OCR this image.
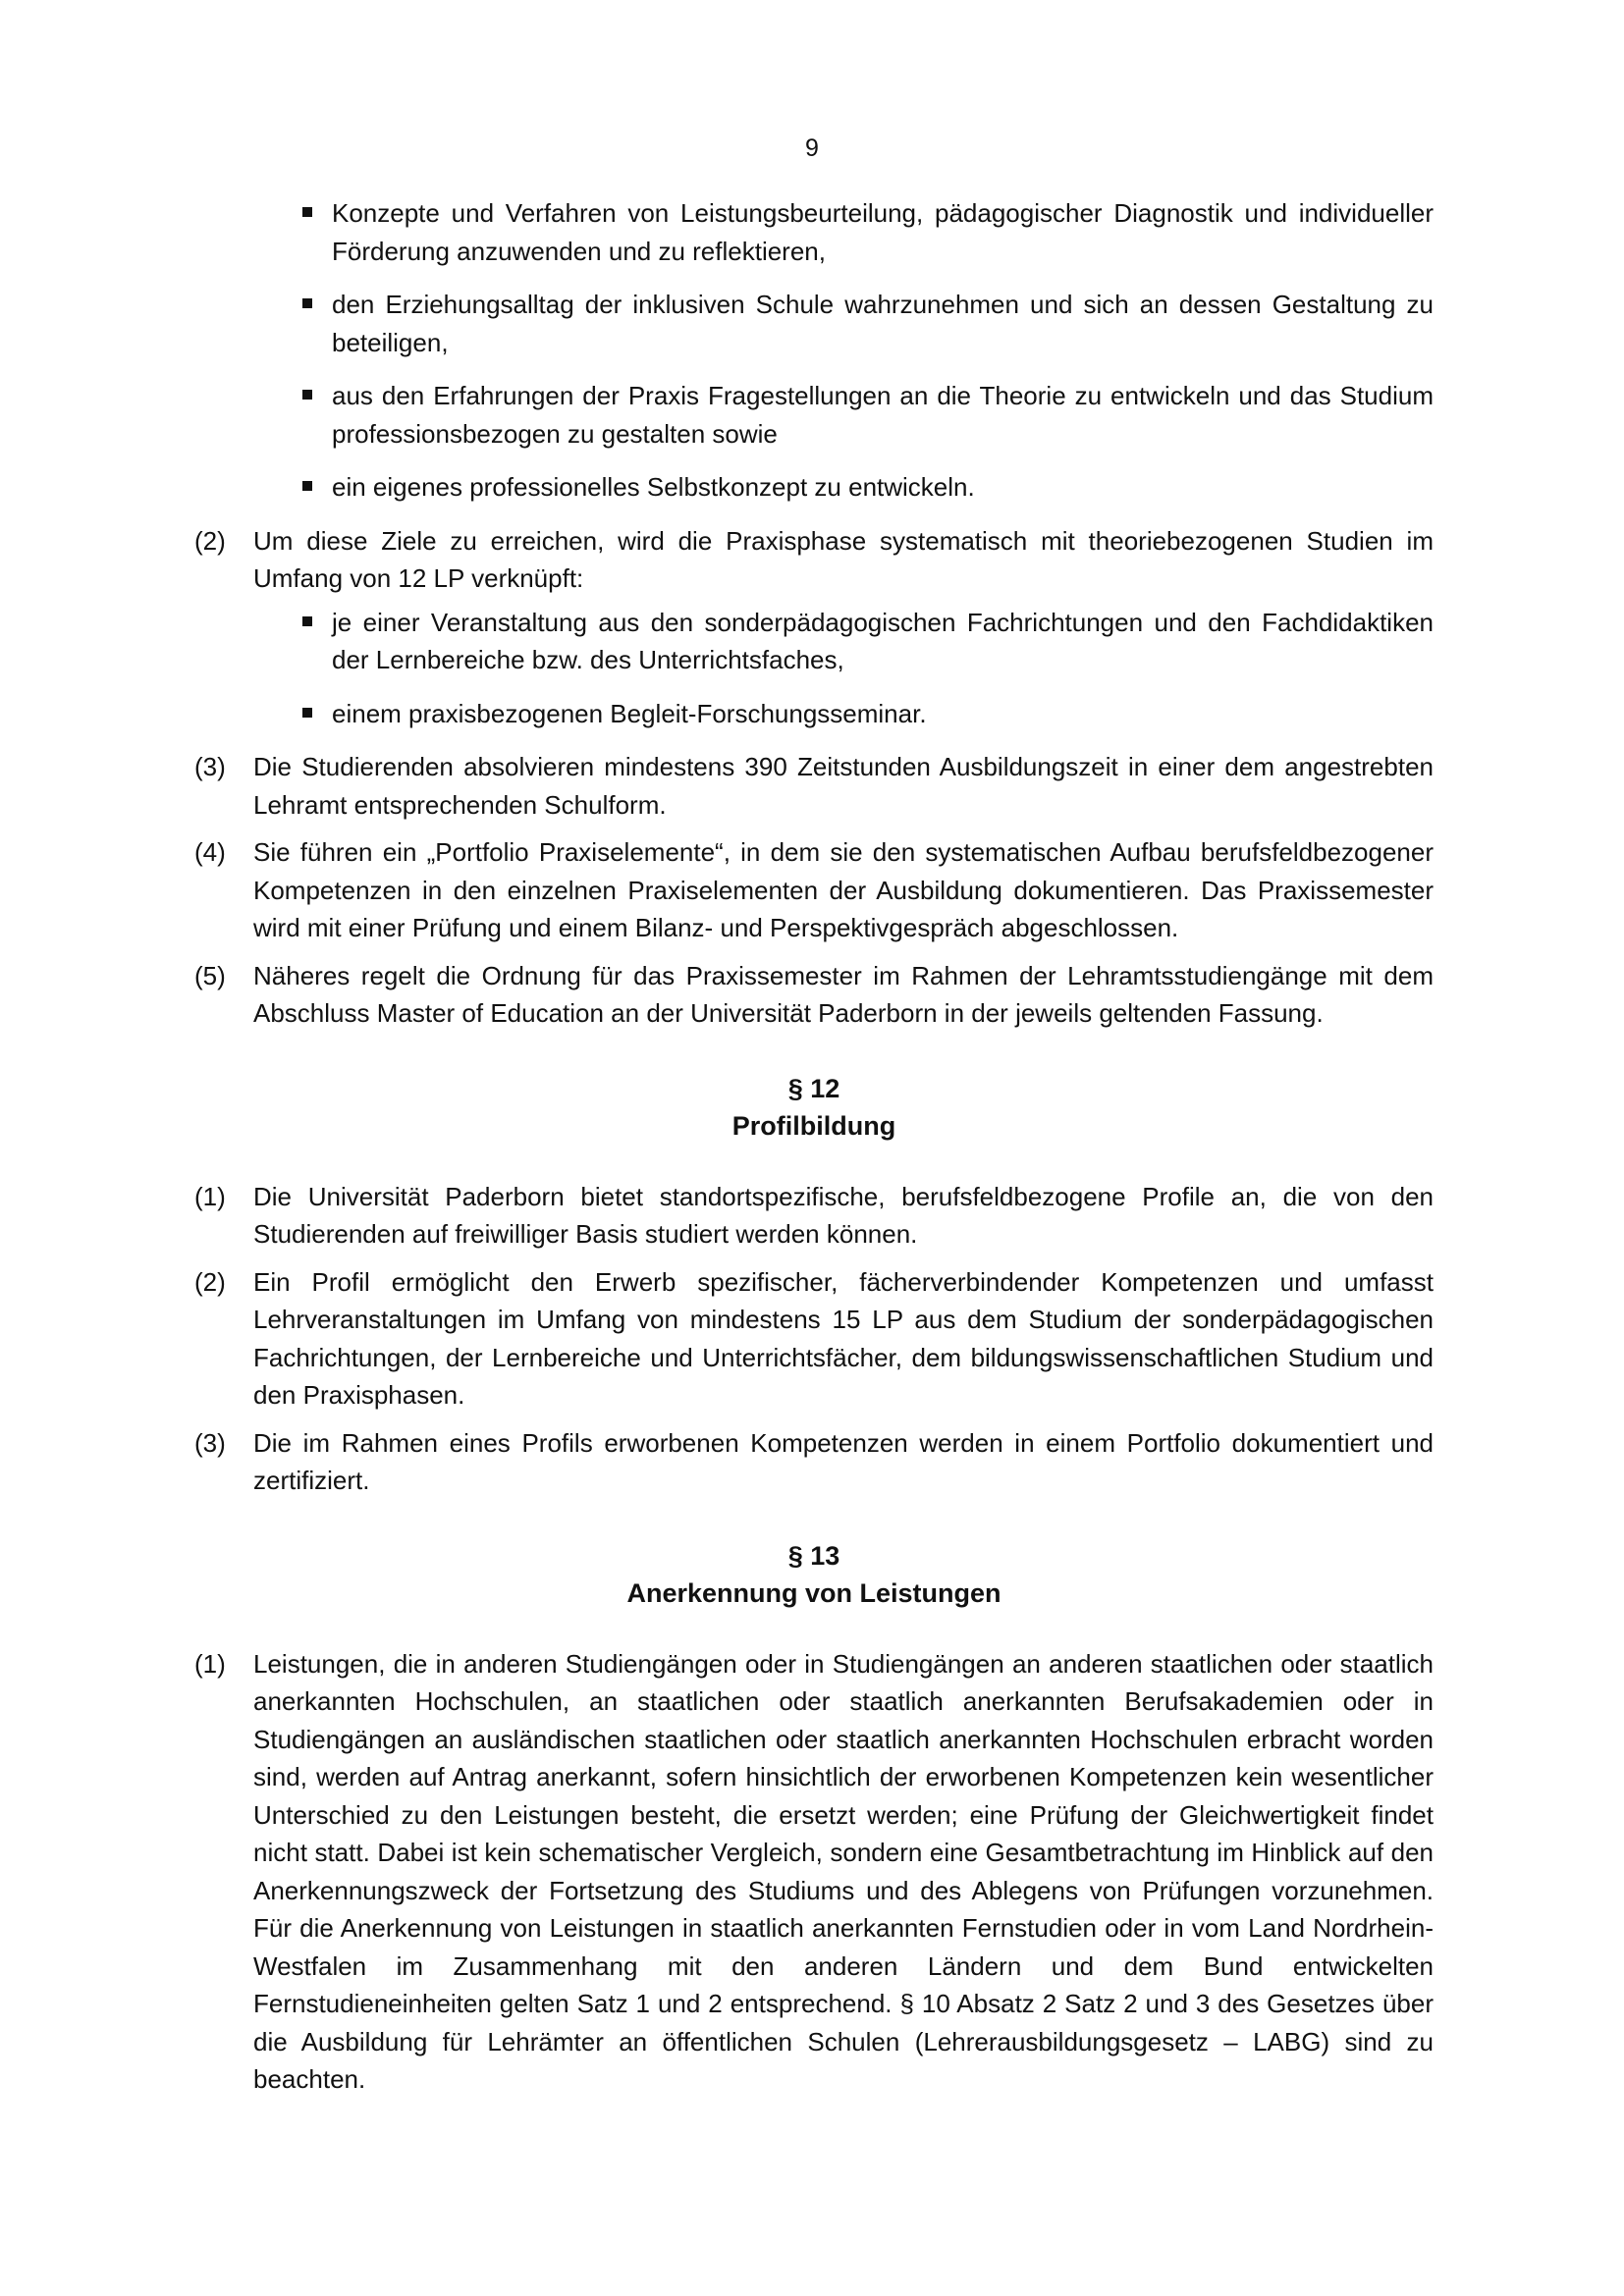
9
Konzepte und Verfahren von Leistungsbeurteilung, pädagogischer Diagnostik und individueller Förderung anzuwenden und zu reflektieren,
den Erziehungsalltag der inklusiven Schule wahrzunehmen und sich an dessen Gestaltung zu beteiligen,
aus den Erfahrungen der Praxis Fragestellungen an die Theorie zu entwickeln und das Studium professionsbezogen zu gestalten sowie
ein eigenes professionelles Selbstkonzept zu entwickeln.
(2)	Um diese Ziele zu erreichen, wird die Praxisphase systematisch mit theoriebezogenen Studien im Umfang von 12 LP verknüpft:
je einer Veranstaltung aus den sonderpädagogischen Fachrichtungen und den Fachdidaktiken der Lernbereiche bzw. des Unterrichtsfaches,
einem praxisbezogenen Begleit-Forschungsseminar.
(3)	Die Studierenden absolvieren mindestens 390 Zeitstunden Ausbildungszeit in einer dem angestrebten Lehramt entsprechenden Schulform.
(4)	Sie führen ein „Portfolio Praxiselemente“, in dem sie den systematischen Aufbau berufsfeldbezogener Kompetenzen in den einzelnen Praxiselementen der Ausbildung dokumentieren. Das Praxissemester wird mit einer Prüfung und einem Bilanz- und Perspektivgespräch abgeschlossen.
(5)	Näheres regelt die Ordnung für das Praxissemester im Rahmen der Lehramtsstudiengänge mit dem Abschluss Master of Education an der Universität Paderborn in der jeweils geltenden Fassung.
§ 12
Profilbildung
(1)	Die Universität Paderborn bietet standortspezifische, berufsfeldbezogene Profile an, die von den Studierenden auf freiwilliger Basis studiert werden können.
(2)	Ein Profil ermöglicht den Erwerb spezifischer, fächerverbindender Kompetenzen und umfasst Lehrveranstaltungen im Umfang von mindestens 15 LP aus dem Studium der sonderpädagogischen Fachrichtungen, der Lernbereiche und Unterrichtsfächer, dem bildungswissenschaftlichen Studium und den Praxisphasen.
(3)	Die im Rahmen eines Profils erworbenen Kompetenzen werden in einem Portfolio dokumentiert und zertifiziert.
§ 13
Anerkennung von Leistungen
(1)	Leistungen, die in anderen Studiengängen oder in Studiengängen an anderen staatlichen oder staatlich anerkannten Hochschulen, an staatlichen oder staatlich anerkannten Berufsakademien oder in Studiengängen an ausländischen staatlichen oder staatlich anerkannten Hochschulen erbracht worden sind, werden auf Antrag anerkannt, sofern hinsichtlich der erworbenen Kompetenzen kein wesentlicher Unterschied zu den Leistungen besteht, die ersetzt werden; eine Prüfung der Gleichwertigkeit findet nicht statt. Dabei ist kein schematischer Vergleich, sondern eine Gesamtbetrachtung im Hinblick auf den Anerkennungszweck der Fortsetzung des Studiums und des Ablegens von Prüfungen vorzunehmen. Für die Anerkennung von Leistungen in staatlich anerkannten Fernstudien oder in vom Land Nordrhein-Westfalen im Zusammenhang mit den anderen Ländern und dem Bund entwickelten Fernstudieneinheiten gelten Satz 1 und 2 entsprechend. § 10 Absatz 2 Satz 2 und 3 des Gesetzes über die Ausbildung für Lehrämter an öffentlichen Schulen (Lehrerausbildungsgesetz – LABG) sind zu beachten.
